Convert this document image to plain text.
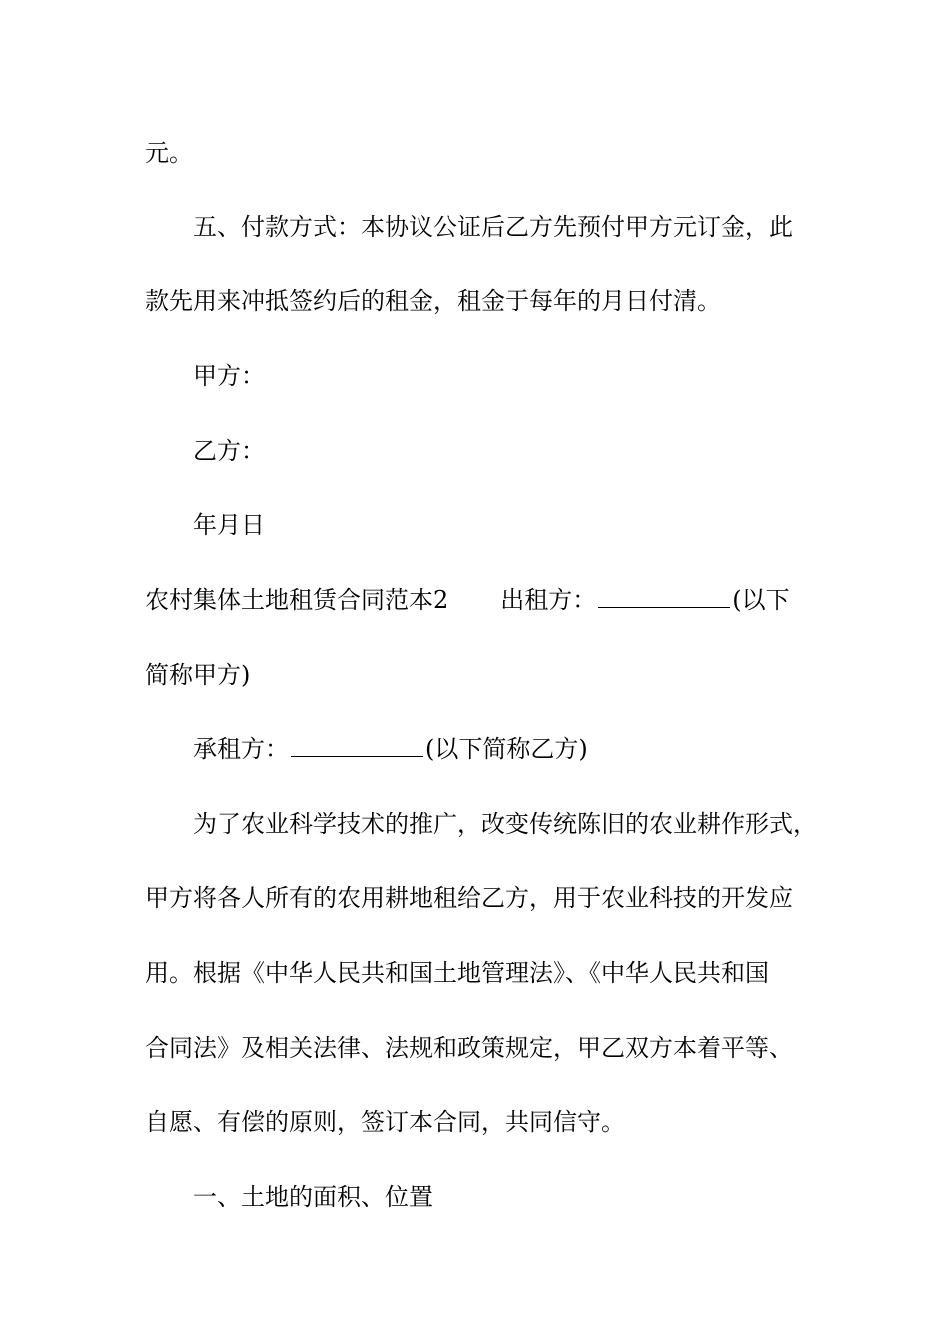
元。
五、付款方式：本协议公证后乙方先预付甲方元订金，此
款先用来冲抵签约后的租金，租金于每年的月日付清。
甲方：
乙方：
年月日
农村集体土地租赁合同范本2 出租方：	(以下
简称甲方)
承租方：	(以下简称乙方)
为了农业科学技术的推广，改变传统陈旧的农业耕作形式，
甲方将各人所有的农用耕地租给乙方，用于农业科技的开发应
用。根据《中华人民共和国土地管理法》、《中华人民共和国
合同法》及相关法律、法规和政策规定，甲乙双方本着平等、
自愿、有偿的原则，签订本合同，共同信守。
一、土地的面积、位置
